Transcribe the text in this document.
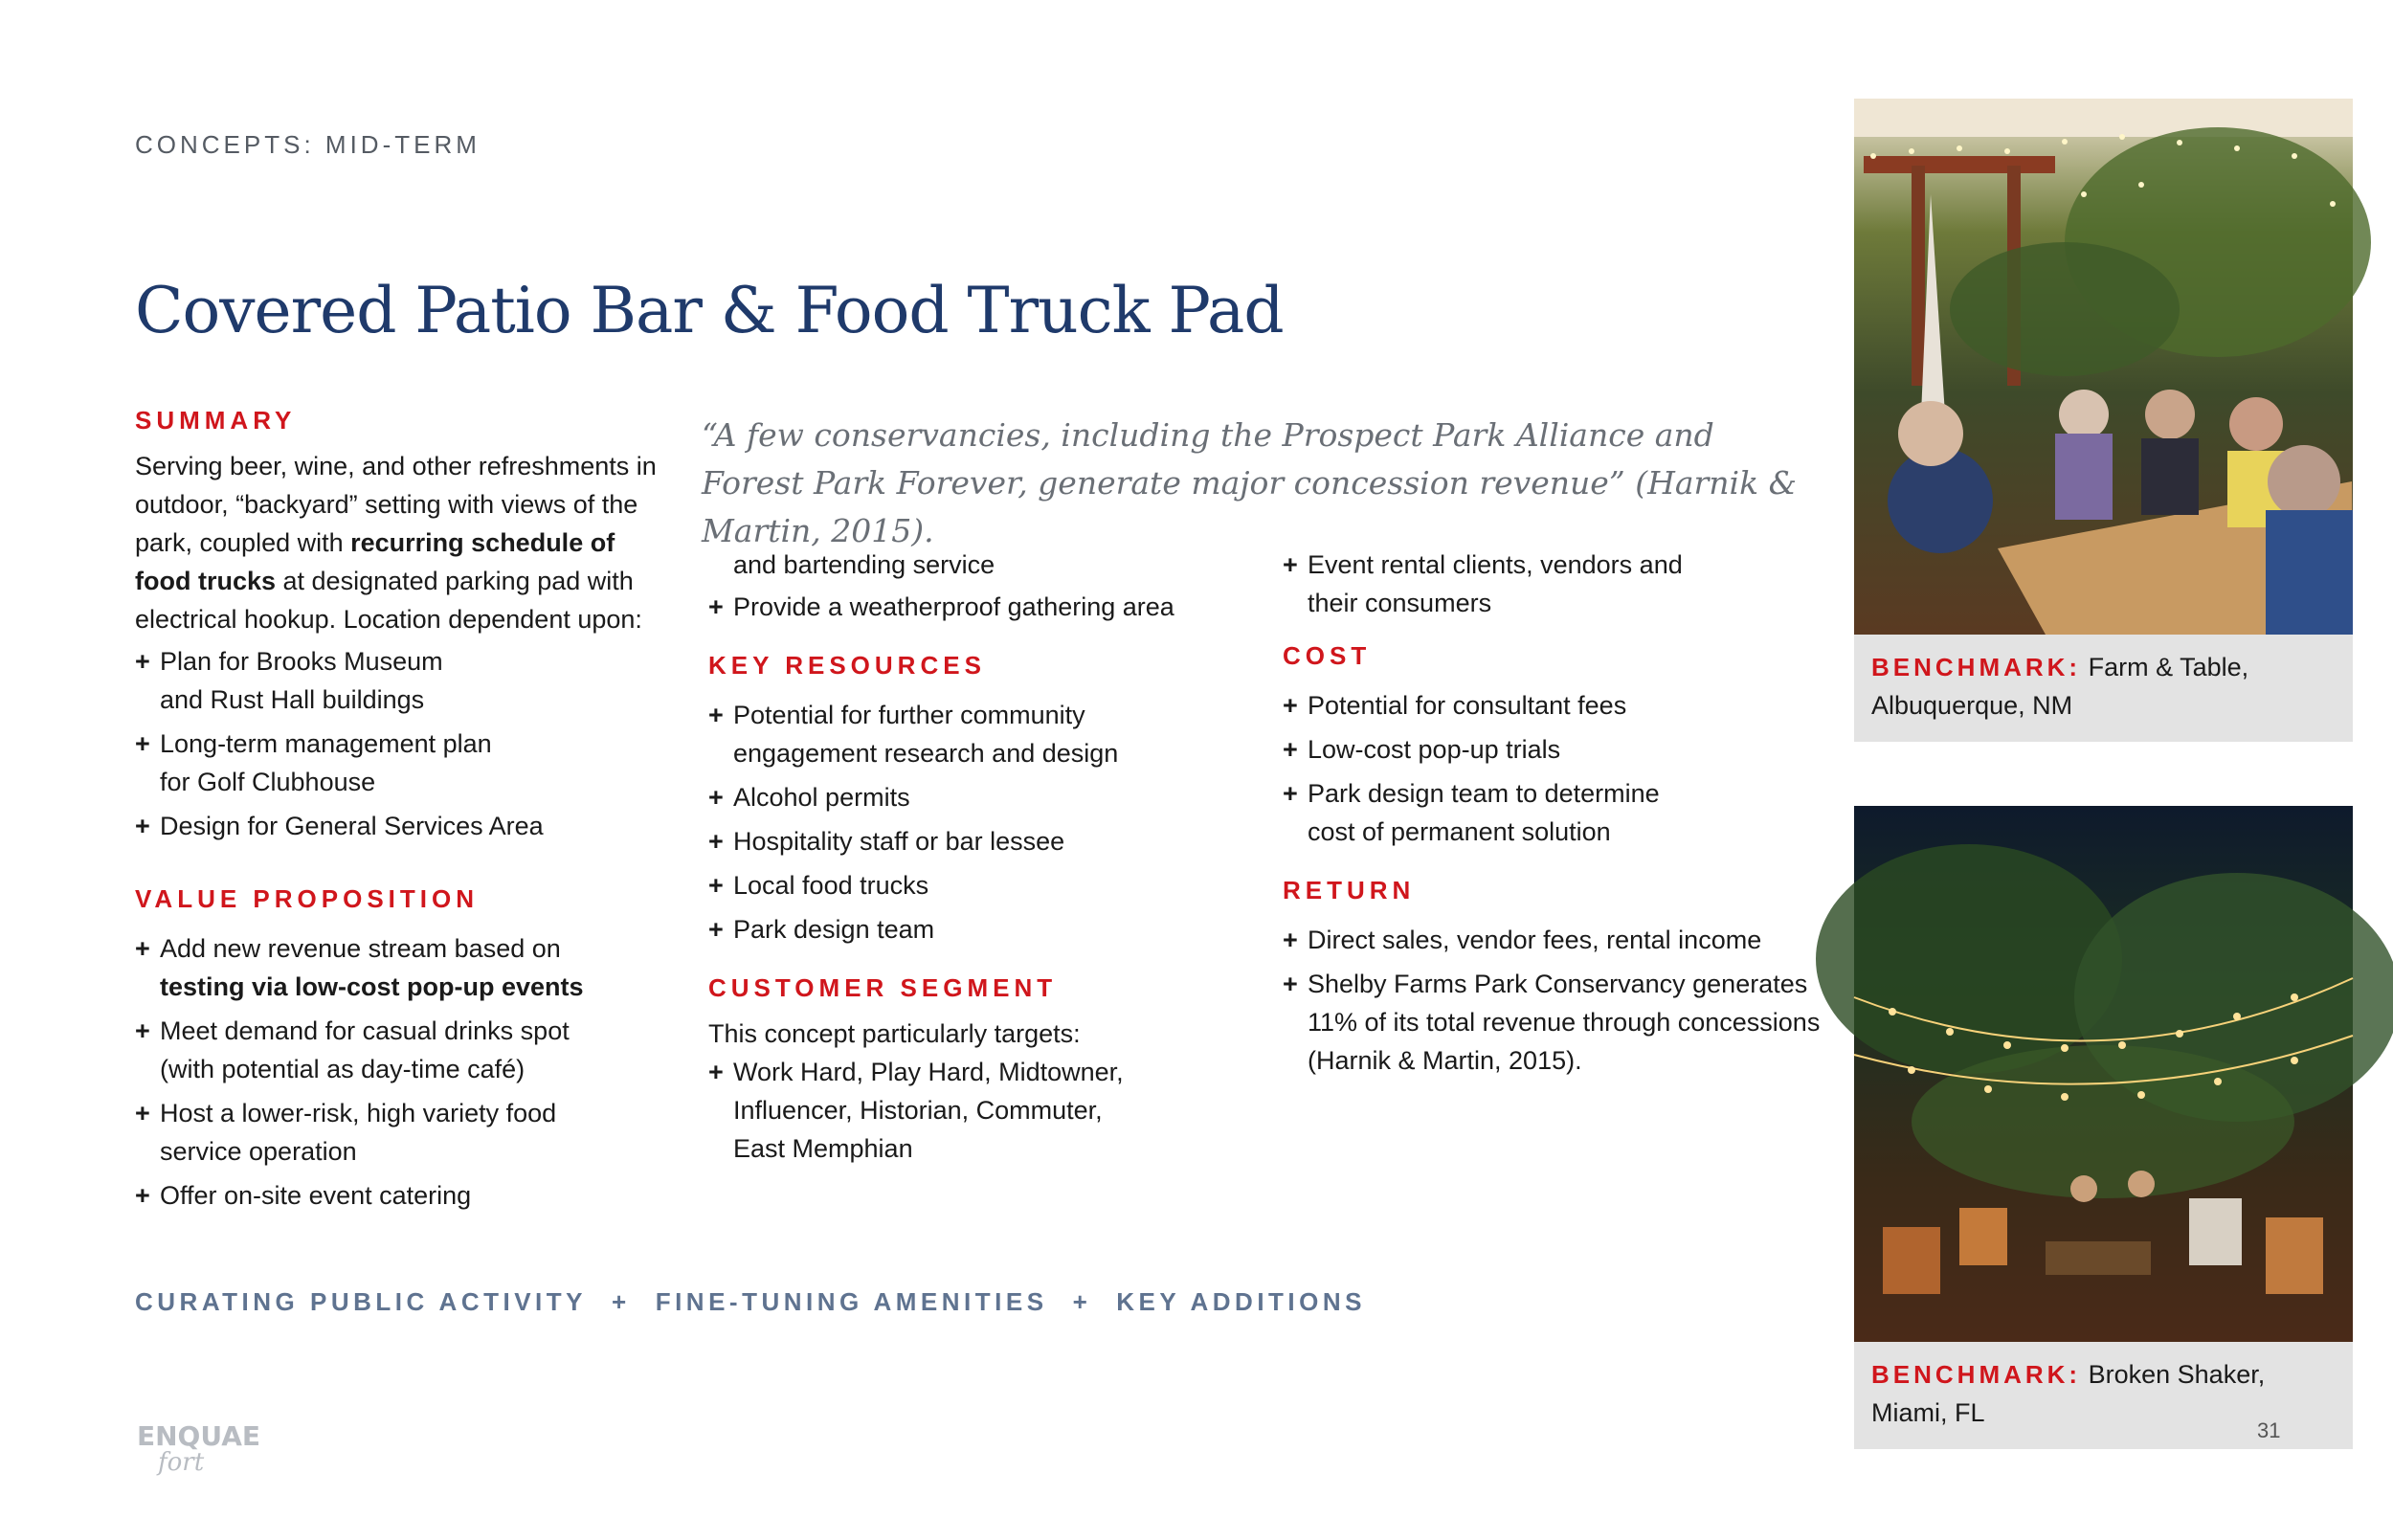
CONCEPTS: MID-TERM
Covered Patio Bar & Food Truck Pad
SUMMARY
Serving beer, wine, and other refreshments in outdoor, “backyard” setting with views of the park, coupled with recurring schedule of food trucks at designated parking pad with electrical hookup. Location dependent upon:
+ Plan for Brooks Museum and Rust Hall buildings
+ Long-term management plan for Golf Clubhouse
+ Design for General Services Area
VALUE PROPOSITION
+ Add new revenue stream based on testing via low-cost pop-up events
+ Meet demand for casual drinks spot (with potential as day-time café)
+ Host a lower-risk, high variety food service operation
+ Offer on-site event catering
“A few conservancies, including the Prospect Park Alliance and Forest Park Forever, generate major concession revenue” (Harnik & Martin, 2015).
and bartending service
+ Provide a weatherproof gathering area
KEY RESOURCES
+ Potential for further community engagement research and design
+ Alcohol permits
+ Hospitality staff or bar lessee
+ Local food trucks
+ Park design team
CUSTOMER SEGMENT
This concept particularly targets:
+ Work Hard, Play Hard, Midtowner, Influencer, Historian, Commuter, East Memphian
+ Event rental clients, vendors and their consumers
COST
+ Potential for consultant fees
+ Low-cost pop-up trials
+ Park design team to determine cost of permanent solution
RETURN
+ Direct sales, vendor fees, rental income
+ Shelby Farms Park Conservancy generates 11% of its total revenue through concessions (Harnik & Martin, 2015).
CURATING PUBLIC ACTIVITY + FINE-TUNING AMENITIES + KEY ADDITIONS
ENQUAE
fort
BENCHMARK: Farm & Table,
Albuquerque, NM
BENCHMARK: Broken Shaker,
Miami, FL
31
